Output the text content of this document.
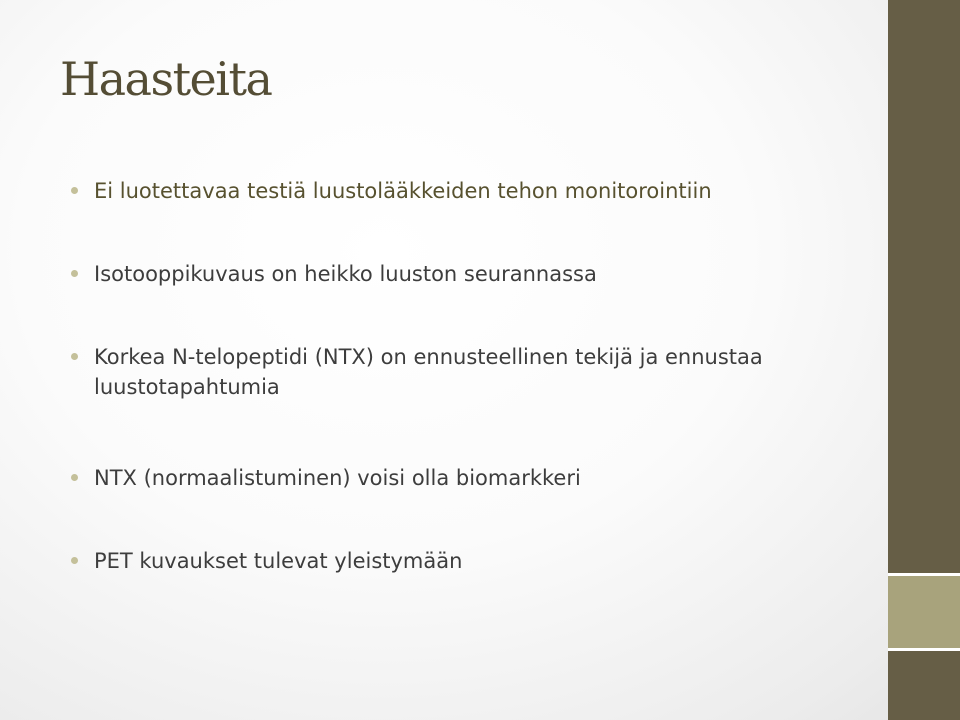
Haasteita
Ei luotettavaa testiä luustolääkkeiden tehon monitorointiin
Isotooppikuvaus on heikko luuston seurannassa
Korkea N-telopeptidi (NTX) on ennusteellinen tekijä ja ennustaa luustotapahtumia
NTX (normaalistuminen) voisi olla biomarkkeri
PET kuvaukset tulevat yleistymään
